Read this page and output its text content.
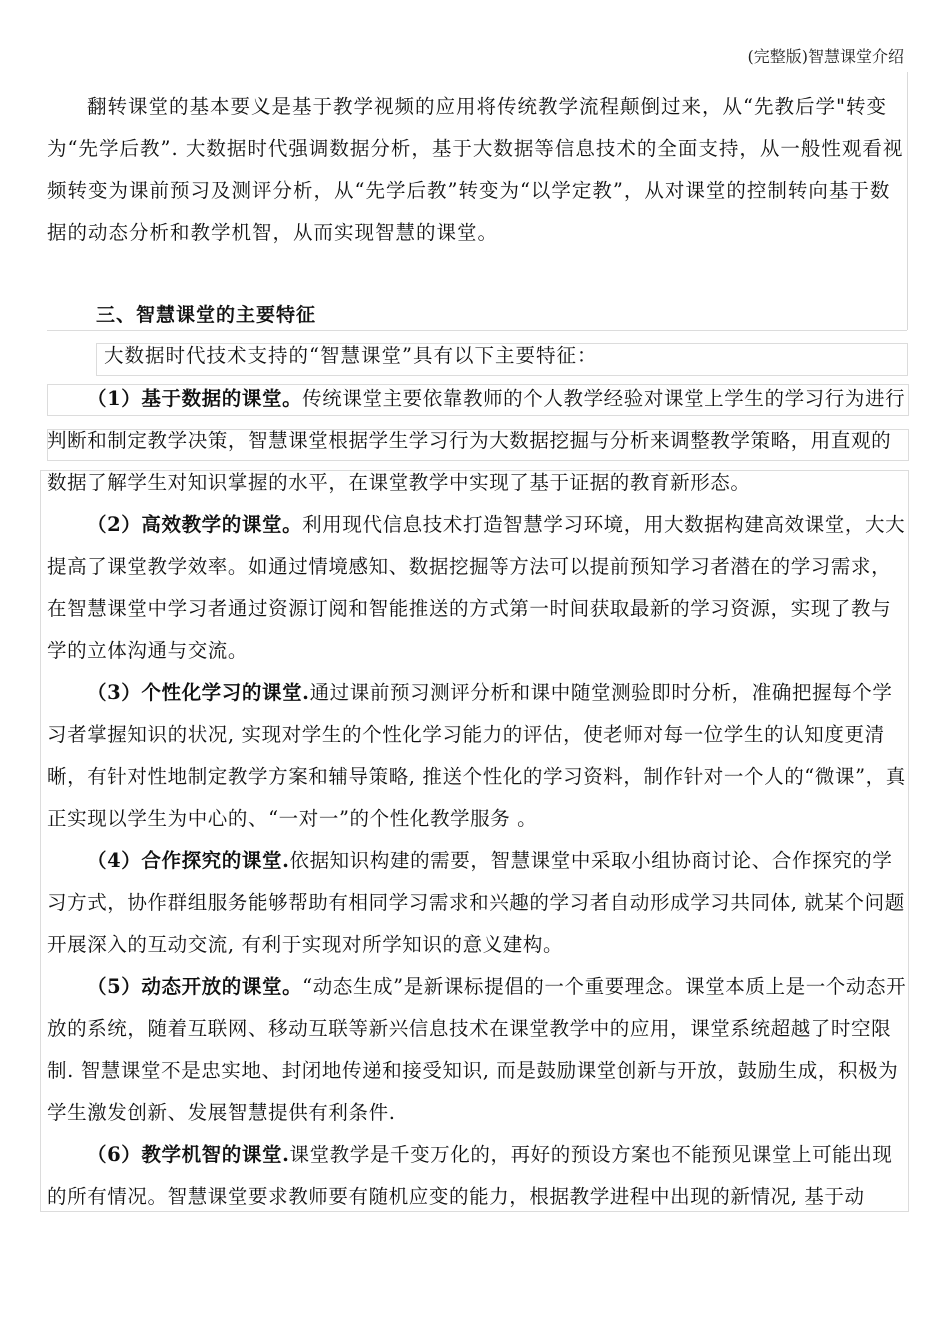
(完整版)智慧课堂介绍
翻转课堂的基本要义是基于教学视频的应用将传统教学流程颠倒过来，从“先教后学"转变为“先学后教”. 大数据时代强调数据分析，基于大数据等信息技术的全面支持，从一般性观看视频转变为课前预习及测评分析，从“先学后教”转变为“以学定教”，从对课堂的控制转向基于数据的动态分析和教学机智，从而实现智慧的课堂。
三、智慧课堂的主要特征
大数据时代技术支持的“智慧课堂”具有以下主要特征：
（1）基于数据的课堂。传统课堂主要依靠教师的个人教学经验对课堂上学生的学习行为进行判断和制定教学决策，智慧课堂根据学生学习行为大数据挖掘与分析来调整教学策略，用直观的数据了解学生对知识掌握的水平，在课堂教学中实现了基于证据的教育新形态。
（2）高效教学的课堂。利用现代信息技术打造智慧学习环境，用大数据构建高效课堂，大大提高了课堂教学效率。如通过情境感知、数据挖掘等方法可以提前预知学习者潜在的学习需求，在智慧课堂中学习者通过资源订阅和智能推送的方式第一时间获取最新的学习资源，实现了教与学的立体沟通与交流。
（3）个性化学习的课堂.通过课前预习测评分析和课中随堂测验即时分析，准确把握每个学习者掌握知识的状况, 实现对学生的个性化学习能力的评估，使老师对每一位学生的认知度更清晰，有针对性地制定教学方案和辅导策略, 推送个性化的学习资料，制作针对一个人的“微课”，真正实现以学生为中心的、“一对一”的个性化教学服务 。
（4）合作探究的课堂.依据知识构建的需要，智慧课堂中采取小组协商讨论、合作探究的学习方式，协作群组服务能够帮助有相同学习需求和兴趣的学习者自动形成学习共同体, 就某个问题开展深入的互动交流, 有利于实现对所学知识的意义建构。
（5）动态开放的课堂。“动态生成”是新课标提倡的一个重要理念。课堂本质上是一个动态开放的系统，随着互联网、移动互联等新兴信息技术在课堂教学中的应用，课堂系统超越了时空限制. 智慧课堂不是忠实地、封闭地传递和接受知识, 而是鼓励课堂创新与开放，鼓励生成，积极为学生激发创新、发展智慧提供有利条件.
（6）教学机智的课堂.课堂教学是千变万化的，再好的预设方案也不能预见课堂上可能出现的所有情况。智慧课堂要求教师要有随机应变的能力，根据教学进程中出现的新情况, 基于动
